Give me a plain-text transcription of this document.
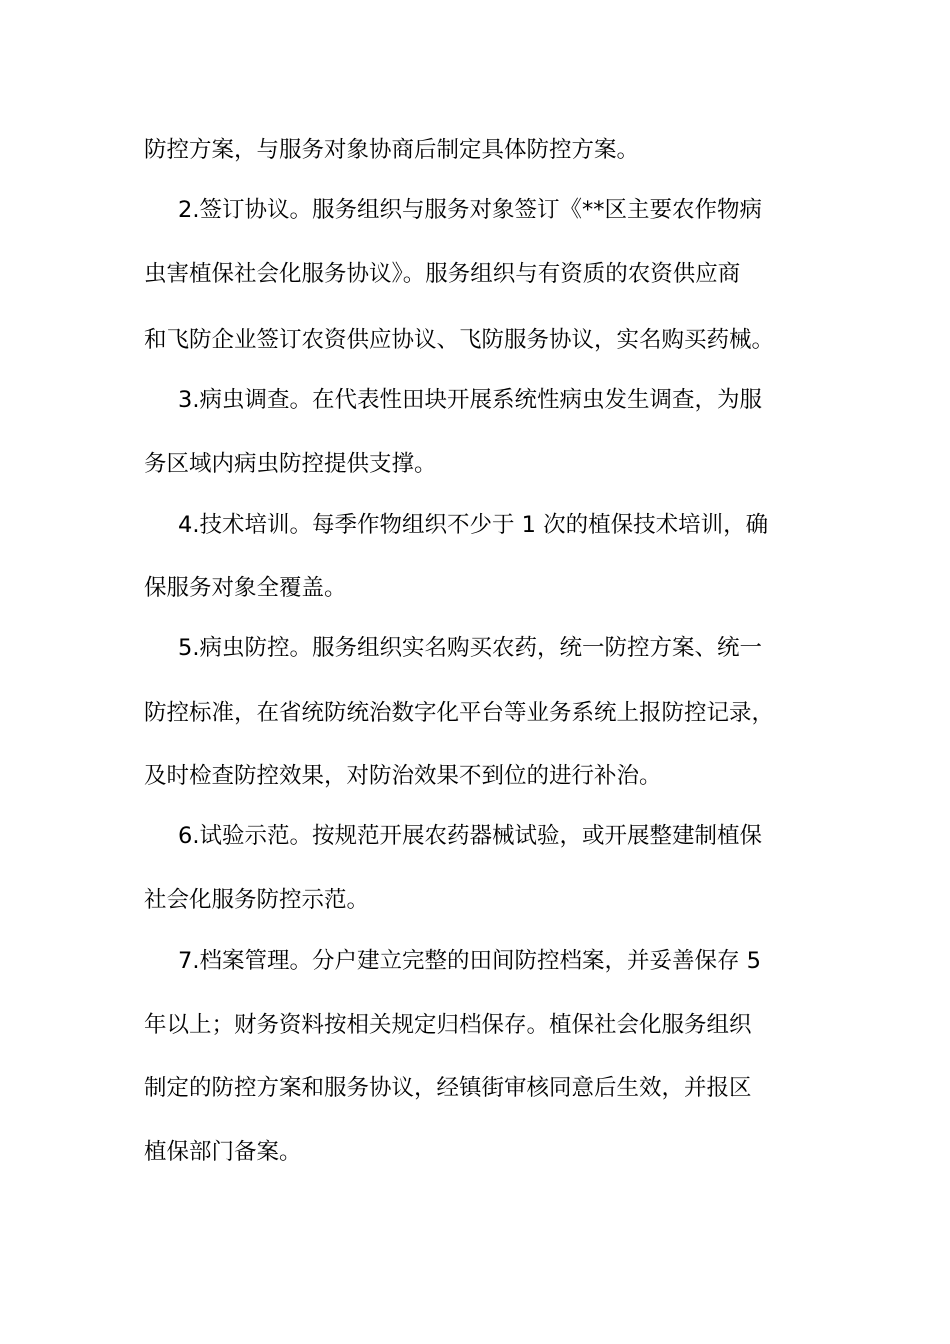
防控方案，与服务对象协商后制定具体防控方案。
2.签订协议。服务组织与服务对象签订《**区主要农作物病
虫害植保社会化服务协议》。服务组织与有资质的农资供应商
和飞防企业签订农资供应协议、飞防服务协议，实名购买药械。
3.病虫调查。在代表性田块开展系统性病虫发生调查，为服
务区域内病虫防控提供支撑。
4.技术培训。每季作物组织不少于 1 次的植保技术培训，确
保服务对象全覆盖。
5.病虫防控。服务组织实名购买农药，统一防控方案、统一
防控标准，在省统防统治数字化平台等业务系统上报防控记录，
及时检查防控效果，对防治效果不到位的进行补治。
6.试验示范。按规范开展农药器械试验，或开展整建制植保
社会化服务防控示范。
7.档案管理。分户建立完整的田间防控档案，并妥善保存 5
年以上；财务资料按相关规定归档保存。植保社会化服务组织
制定的防控方案和服务协议，经镇街审核同意后生效，并报区
植保部门备案。
